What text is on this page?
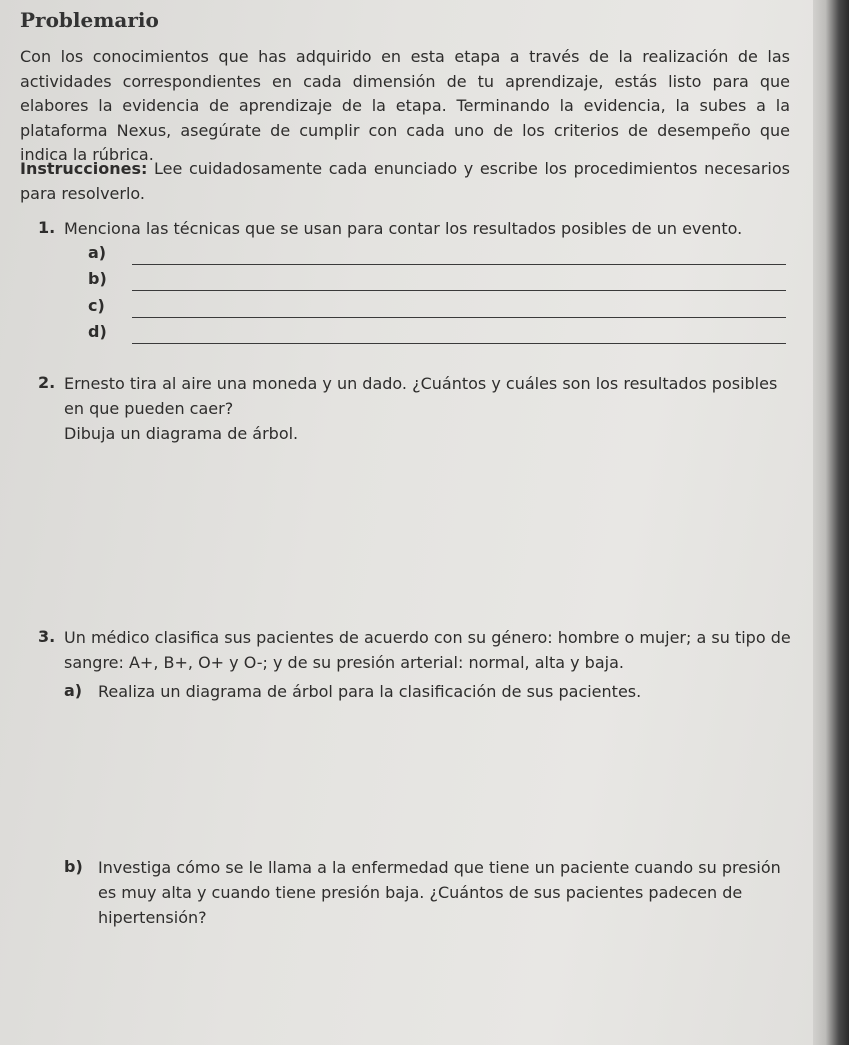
Problemario
Con los conocimientos que has adquirido en esta etapa a través de la realización de las actividades correspondientes en cada dimensión de tu aprendizaje, estás listo para que elabores la evidencia de aprendizaje de la etapa. Terminando la evidencia, la subes a la plataforma Nexus, asegúrate de cumplir con cada uno de los criterios de desempeño que indica la rúbrica.
Instrucciones: Lee cuidadosamente cada enunciado y escribe los procedimientos necesarios para resolverlo.
1. Menciona las técnicas que se usan para contar los resultados posibles de un evento.
a)
b)
c)
d)
2. Ernesto tira al aire una moneda y un dado. ¿Cuántos y cuáles son los resultados posibles en que pueden caer?
Dibuja un diagrama de árbol.
3. Un médico clasifica sus pacientes de acuerdo con su género: hombre o mujer; a su tipo de sangre: A+, B+, O+ y O-; y de su presión arterial: normal, alta y baja.
a) Realiza un diagrama de árbol para la clasificación de sus pacientes.
b) Investiga cómo se le llama a la enfermedad que tiene un paciente cuando su presión es muy alta y cuando tiene presión baja. ¿Cuántos de sus pacientes padecen de hipertensión?
